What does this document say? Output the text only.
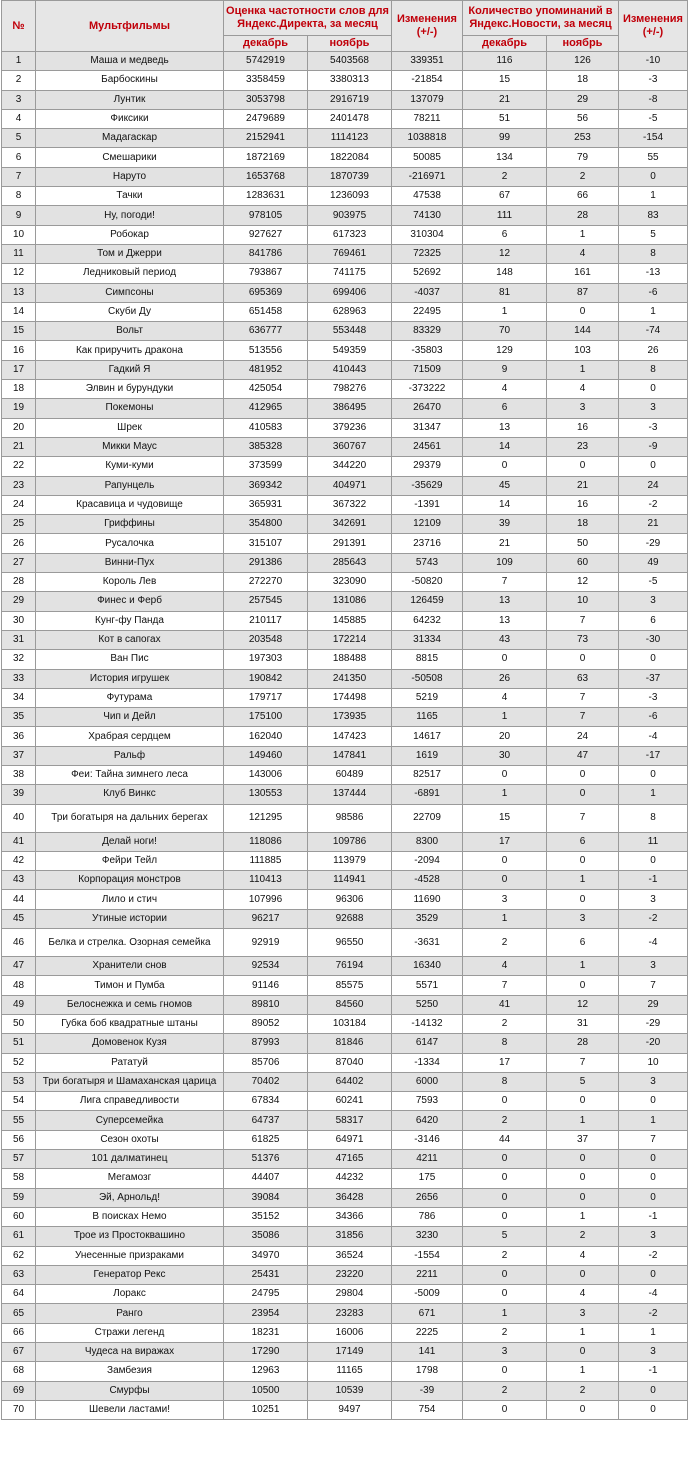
№	Мультфильмы	Оценка частотности слов для Яндекс.Директа, за месяц		Изменения (+/-)	Количество упоминаний в Яндекс.Новости, за месяц		Изменения (+/-)
		декабрь	ноябрь		декабрь	ноябрь	
1	Маша и медведь	5742919	5403568	339351	116	126	-10
2	Барбоскины	3358459	3380313	-21854	15	18	-3
3	Лунтик	3053798	2916719	137079	21	29	-8
4	Фиксики	2479689	2401478	78211	51	56	-5
5	Мадагаскар	2152941	1114123	1038818	99	253	-154
6	Смешарики	1872169	1822084	50085	134	79	55
7	Наруто	1653768	1870739	-216971	2	2	0
8	Тачки	1283631	1236093	47538	67	66	1
9	Ну, погоди!	978105	903975	74130	111	28	83
10	Робокар	927627	617323	310304	6	1	5
11	Том и Джерри	841786	769461	72325	12	4	8
12	Ледниковый период	793867	741175	52692	148	161	-13
13	Симпсоны	695369	699406	-4037	81	87	-6
14	Скуби Ду	651458	628963	22495	1	0	1
15	Вольт	636777	553448	83329	70	144	-74
16	Как приручить дракона	513556	549359	-35803	129	103	26
17	Гадкий Я	481952	410443	71509	9	1	8
18	Элвин и бурундуки	425054	798276	-373222	4	4	0
19	Покемоны	412965	386495	26470	6	3	3
20	Шрек	410583	379236	31347	13	16	-3
21	Микки Маус	385328	360767	24561	14	23	-9
22	Куми-куми	373599	344220	29379	0	0	0
23	Рапунцель	369342	404971	-35629	45	21	24
24	Красавица и чудовище	365931	367322	-1391	14	16	-2
25	Гриффины	354800	342691	12109	39	18	21
26	Русалочка	315107	291391	23716	21	50	-29
27	Винни-Пух	291386	285643	5743	109	60	49
28	Король Лев	272270	323090	-50820	7	12	-5
29	Финес и Ферб	257545	131086	126459	13	10	3
30	Кунг-фу Панда	210117	145885	64232	13	7	6
31	Кот в сапогах	203548	172214	31334	43	73	-30
32	Ван Пис	197303	188488	8815	0	0	0
33	История игрушек	190842	241350	-50508	26	63	-37
34	Футурама	179717	174498	5219	4	7	-3
35	Чип и Дейл	175100	173935	1165	1	7	-6
36	Храбрая сердцем	162040	147423	14617	20	24	-4
37	Ральф	149460	147841	1619	30	47	-17
38	Феи: Тайна зимнего леса	143006	60489	82517	0	0	0
39	Клуб Винкс	130553	137444	-6891	1	0	1
40	Три богатыря на дальних берегах	121295	98586	22709	15	7	8
41	Делай ноги!	118086	109786	8300	17	6	11
42	Фейри Тейл	111885	113979	-2094	0	0	0
43	Корпорация монстров	110413	114941	-4528	0	1	-1
44	Лило и стич	107996	96306	11690	3	0	3
45	Утиные истории	96217	92688	3529	1	3	-2
46	Белка и стрелка. Озорная семейка	92919	96550	-3631	2	6	-4
47	Хранители снов	92534	76194	16340	4	1	3
48	Тимон и Пумба	91146	85575	5571	7	0	7
49	Белоснежка и семь гномов	89810	84560	5250	41	12	29
50	Губка боб квадратные штаны	89052	103184	-14132	2	31	-29
51	Домовенок Кузя	87993	81846	6147	8	28	-20
52	Рататуй	85706	87040	-1334	17	7	10
53	Три богатыря и Шамаханская царица	70402	64402	6000	8	5	3
54	Лига справедливости	67834	60241	7593	0	0	0
55	Суперсемейка	64737	58317	6420	2	1	1
56	Сезон охоты	61825	64971	-3146	44	37	7
57	101 далматинец	51376	47165	4211	0	0	0
58	Мегамозг	44407	44232	175	0	0	0
59	Эй, Арнольд!	39084	36428	2656	0	0	0
60	В поисках Немо	35152	34366	786	0	1	-1
61	Трое из Простоквашино	35086	31856	3230	5	2	3
62	Унесенные призраками	34970	36524	-1554	2	4	-2
63	Генератор Рекс	25431	23220	2211	0	0	0
64	Лоракс	24795	29804	-5009	0	4	-4
65	Ранго	23954	23283	671	1	3	-2
66	Стражи легенд	18231	16006	2225	2	1	1
67	Чудеса на виражах	17290	17149	141	3	0	3
68	Замбезия	12963	11165	1798	0	1	-1
69	Смурфы	10500	10539	-39	2	2	0
70	Шевели ластами!	10251	9497	754	0	0	0
